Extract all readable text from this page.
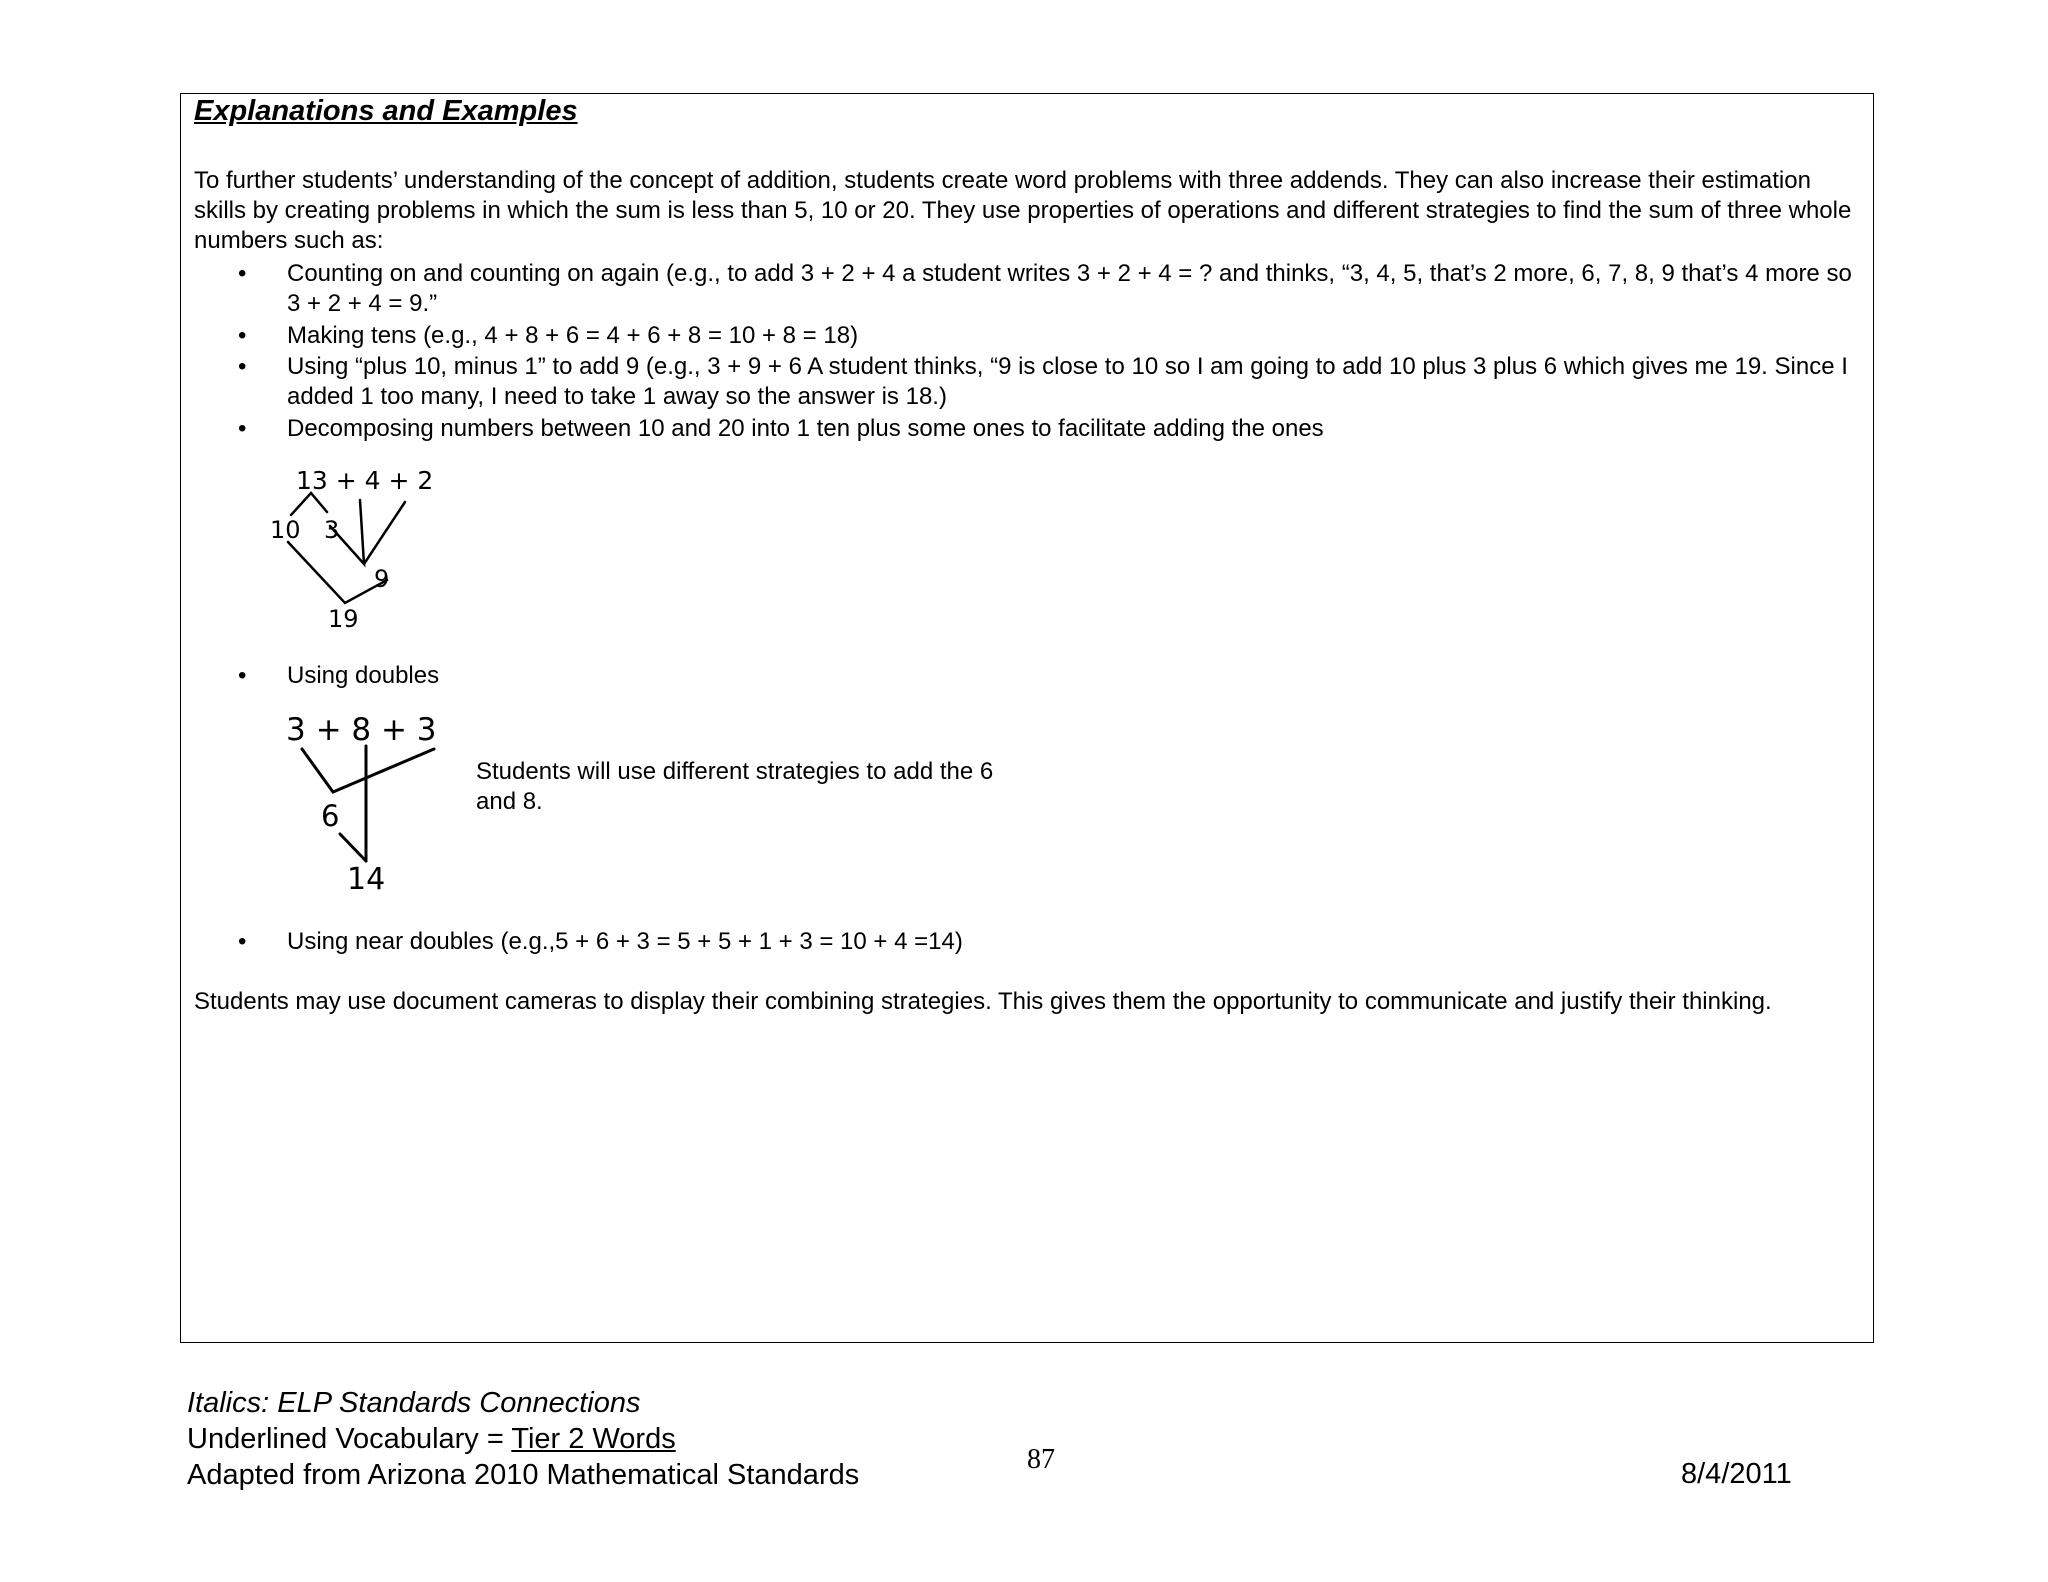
Explanations and Examples
To further students’ understanding of the concept of addition, students create word problems with three addends. They can also increase their estimation skills by creating problems in which the sum is less than 5, 10 or 20. They use properties of operations and different strategies to find the sum of three whole numbers such as:
• Counting on and counting on again (e.g., to add 3 + 2 + 4 a student writes 3 + 2 + 4 = ? and thinks, “3, 4, 5, that’s 2 more, 6, 7, 8, 9 that’s 4 more so 3 + 2 + 4 = 9.”
• Making tens (e.g., 4 + 8 + 6 = 4 + 6 + 8 = 10 + 8 = 18)
• Using “plus 10, minus 1” to add 9 (e.g., 3 + 9 + 6 A student thinks, “9 is close to 10 so I am going to add 10 plus 3 plus 6 which gives me 19. Since I added 1 too many, I need to take 1 away so the answer is 18.)
• Decomposing numbers between 10 and 20 into 1 ten plus some ones to facilitate adding the ones
13 + 4 + 2
10 3
9
19
• Using doubles
3 + 8 + 3
6
14
Students will use different strategies to add the 6 and 8.
• Using near doubles (e.g.,5 + 6 + 3 = 5 + 5 + 1 + 3 = 10 + 4 =14)
Students may use document cameras to display their combining strategies. This gives them the opportunity to communicate and justify their thinking.
Italics: ELP Standards Connections
Underlined Vocabulary = Tier 2 Words
Adapted from Arizona 2010 Mathematical Standards	87	8/4/2011
